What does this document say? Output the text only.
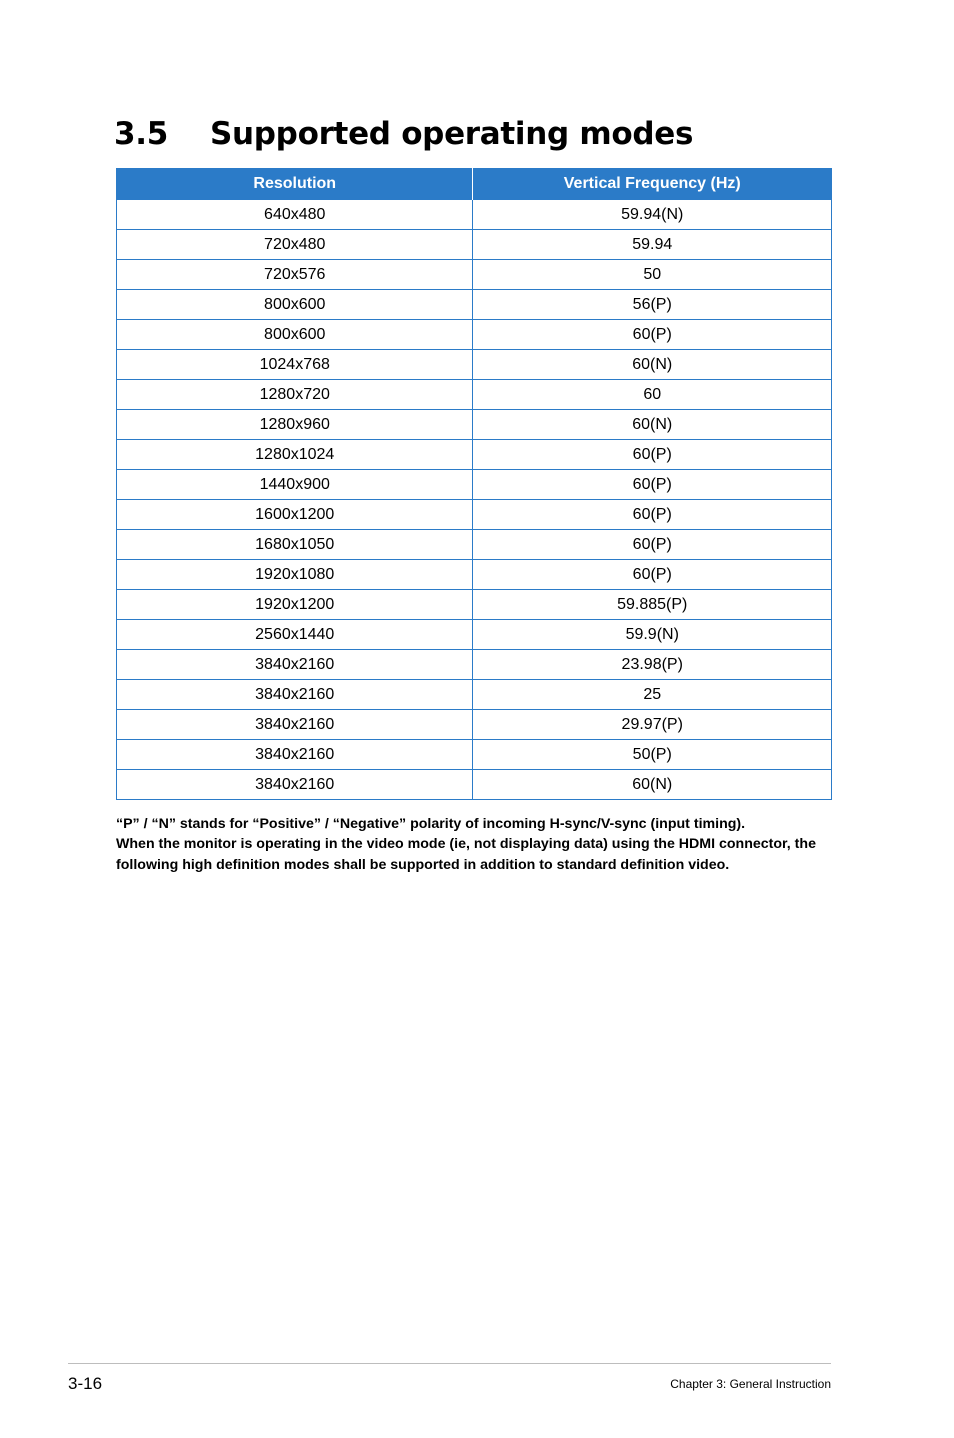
3.5 Supported operating modes
Resolution	Vertical Frequency (Hz)
640x480	59.94(N)
720x480	59.94
720x576	50
800x600	56(P)
800x600	60(P)
1024x768	60(N)
1280x720	60
1280x960	60(N)
1280x1024	60(P)
1440x900	60(P)
1600x1200	60(P)
1680x1050	60(P)
1920x1080	60(P)
1920x1200	59.885(P)
2560x1440	59.9(N)
3840x2160	23.98(P)
3840x2160	25
3840x2160	29.97(P)
3840x2160	50(P)
3840x2160	60(N)

“P” / “N” stands for “Positive” / “Negative” polarity of incoming H-sync/V-sync (input timing).

When the monitor is operating in the video mode (ie, not displaying data) using the HDMI connector, the following high definition modes shall be supported in addition to standard definition video.

3-16	Chapter 3: General Instruction
